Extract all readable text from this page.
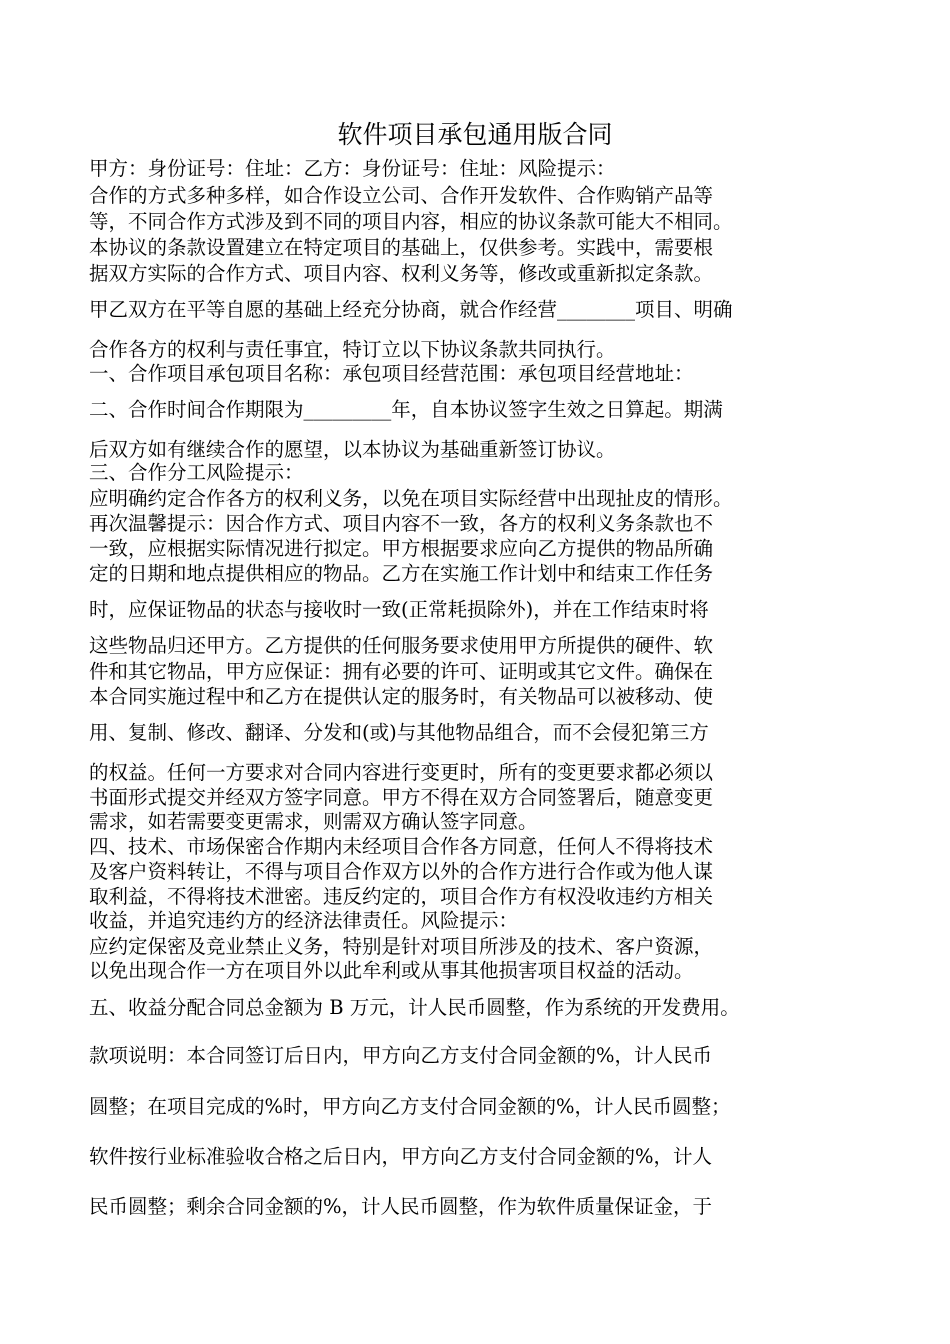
软件项目承包通用版合同
甲方：身份证号：住址：乙方：身份证号：住址：风险提示：
合作的方式多种多样，如合作设立公司、合作开发软件、合作购销产品等
等，不同合作方式涉及到不同的项目内容，相应的协议条款可能大不相同。
本协议的条款设置建立在特定项目的基础上，仅供参考。实践中，需要根
据双方实际的合作方式、项目内容、权利义务等，修改或重新拟定条款。
甲乙双方在平等自愿的基础上经充分协商，就合作经营________项目、明确
合作各方的权利与责任事宜，特订立以下协议条款共同执行。
一、合作项目承包项目名称：承包项目经营范围：承包项目经营地址：
二、合作时间合作期限为_________年，自本协议签字生效之日算起。期满
后双方如有继续合作的愿望，以本协议为基础重新签订协议。
三、合作分工风险提示：
应明确约定合作各方的权利义务，以免在项目实际经营中出现扯皮的情形。
再次温馨提示：因合作方式、项目内容不一致，各方的权利义务条款也不
一致，应根据实际情况进行拟定。甲方根据要求应向乙方提供的物品所确
定的日期和地点提供相应的物品。乙方在实施工作计划中和结束工作任务
时，应保证物品的状态与接收时一致(正常耗损除外)，并在工作结束时将
这些物品归还甲方。乙方提供的任何服务要求使用甲方所提供的硬件、软
件和其它物品，甲方应保证：拥有必要的许可、证明或其它文件。确保在
本合同实施过程中和乙方在提供认定的服务时，有关物品可以被移动、使
用、复制、修改、翻译、分发和(或)与其他物品组合，而不会侵犯第三方
的权益。任何一方要求对合同内容进行变更时，所有的变更要求都必须以
书面形式提交并经双方签字同意。甲方不得在双方合同签署后，随意变更
需求，如若需要变更需求，则需双方确认签字同意。
四、技术、市场保密合作期内未经项目合作各方同意，任何人不得将技术
及客户资料转让，不得与项目合作双方以外的合作方进行合作或为他人谋
取利益，不得将技术泄密。违反约定的，项目合作方有权没收违约方相关
收益，并追究违约方的经济法律责任。风险提示：
应约定保密及竞业禁止义务，特别是针对项目所涉及的技术、客户资源，
以免出现合作一方在项目外以此牟利或从事其他损害项目权益的活动。
五、收益分配合同总金额为 B 万元，计人民币圆整，作为系统的开发费用。
款项说明：本合同签订后日内，甲方向乙方支付合同金额的%，计人民币
圆整；在项目完成的%时，甲方向乙方支付合同金额的%，计人民币圆整；
软件按行业标准验收合格之后日内，甲方向乙方支付合同金额的%，计人
民币圆整；剩余合同金额的%，计人民币圆整，作为软件质量保证金，于
